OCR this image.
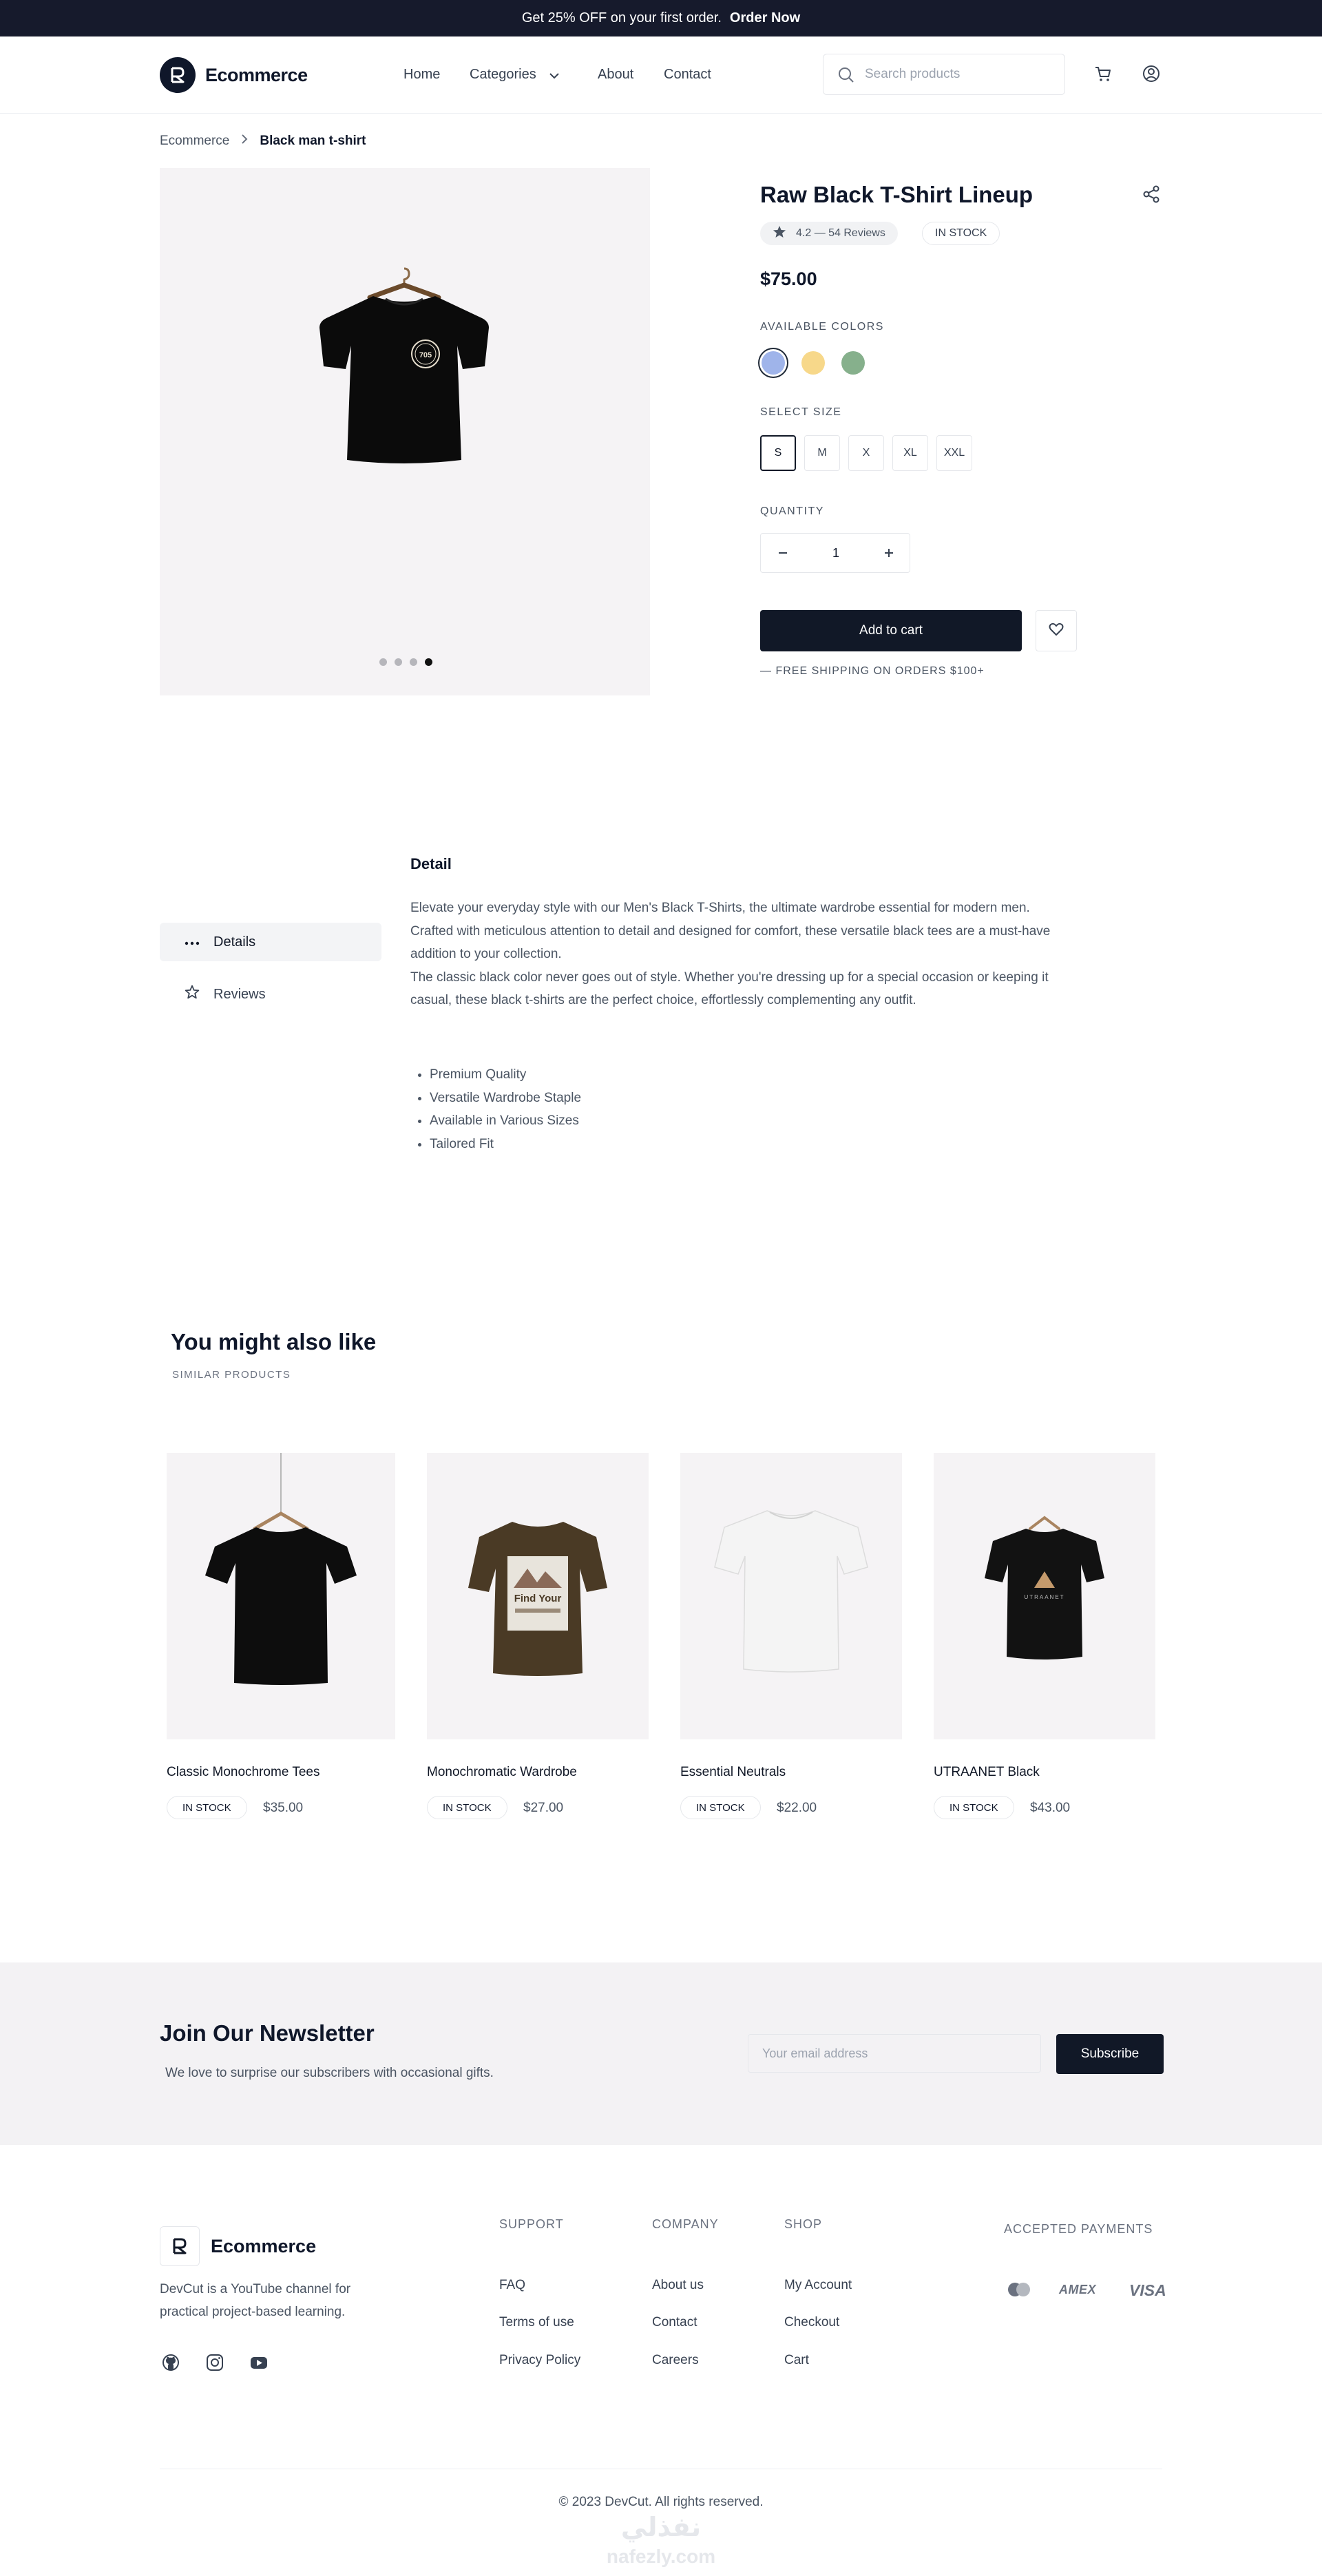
Get 25% OFF on your first order. Order Now
Ecommerce	Home Categories	About Contact
Search products
Ecommerce Black man t-shirt
705
Raw Black T-Shirt Lineup
4.2 — 54 Reviews	IN STOCK
$75.00
AVAILABLE COLORS
SELECT SIZE
S	M	X	XL	XXL
QUANTITY
1
Add to cart
— FREE SHIPPING ON ORDERS $100+
Details
Reviews
Detail
Elevate your everyday style with our Men's Black T-Shirts, the ultimate wardrobe essential for modern men. Crafted with meticulous attention to detail and designed for comfort, these versatile black tees are a must-have addition to your collection.
The classic black color never goes out of style. Whether you're dressing up for a special occasion or keeping it casual, these black t-shirts are the perfect choice, effortlessly complementing any outfit.
• Premium Quality
• Versatile Wardrobe Staple
• Available in Various Sizes
• Tailored Fit
You might also like
SIMILAR PRODUCTS
Classic Monochrome Tees
IN STOCK	$35.00
Find Your
Monochromatic Wardrobe
IN STOCK	$27.00
Essential Neutrals
IN STOCK	$22.00
UTRAANET
UTRAANET Black
IN STOCK	$43.00
Join Our Newsletter
We love to surprise our subscribers with occasional gifts.
Your email address
Subscribe
Ecommerce
DevCut is a YouTube channel for practical project-based learning.
SUPPORT
FAQ
Terms of use
Privacy Policy
COMPANY
About us
Contact
Careers
SHOP
My Account
Checkout
Cart
ACCEPTED PAYMENTS
AMEX VISA
© 2023 DevCut. All rights reserved.
نفذلي
nafezly.com
